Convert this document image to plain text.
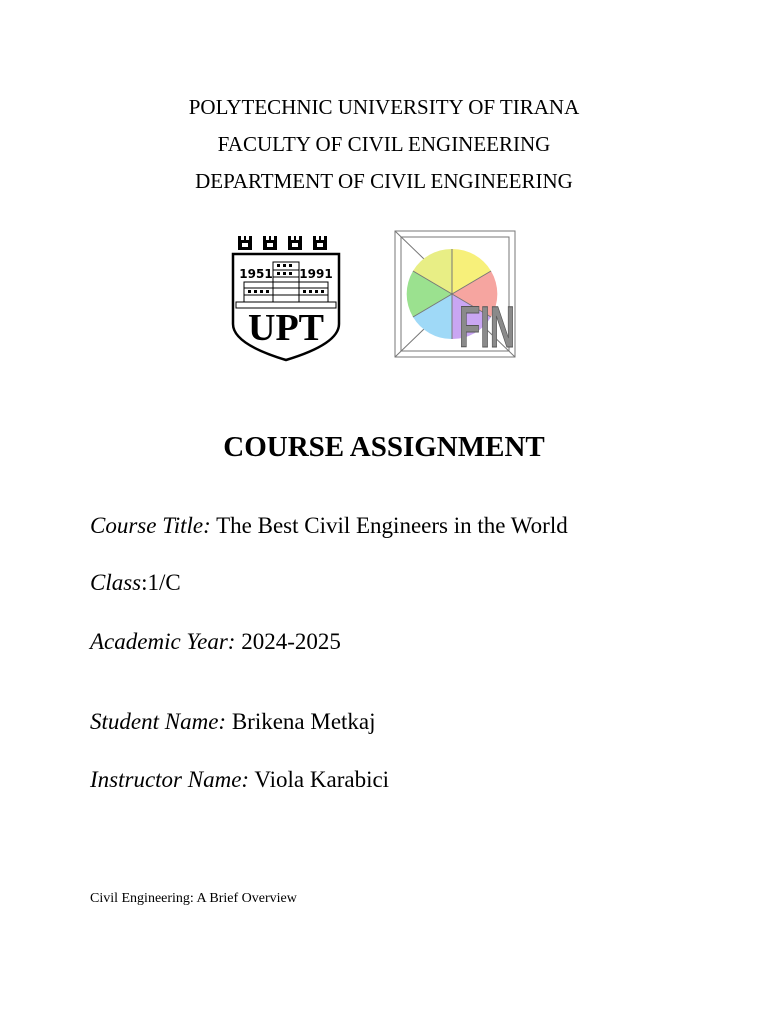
POLYTECHNIC UNIVERSITY OF TIRANA
FACULTY OF CIVIL ENGINEERING
DEPARTMENT OF CIVIL ENGINEERING
1951 1991
UPT FIN
COURSE ASSIGNMENT
Course Title: The Best Civil Engineers in the World
Class:1/C
Academic Year: 2024-2025
Student Name: Brikena Metkaj
Instructor Name: Viola Karabici
Civil Engineering: A Brief Overview
